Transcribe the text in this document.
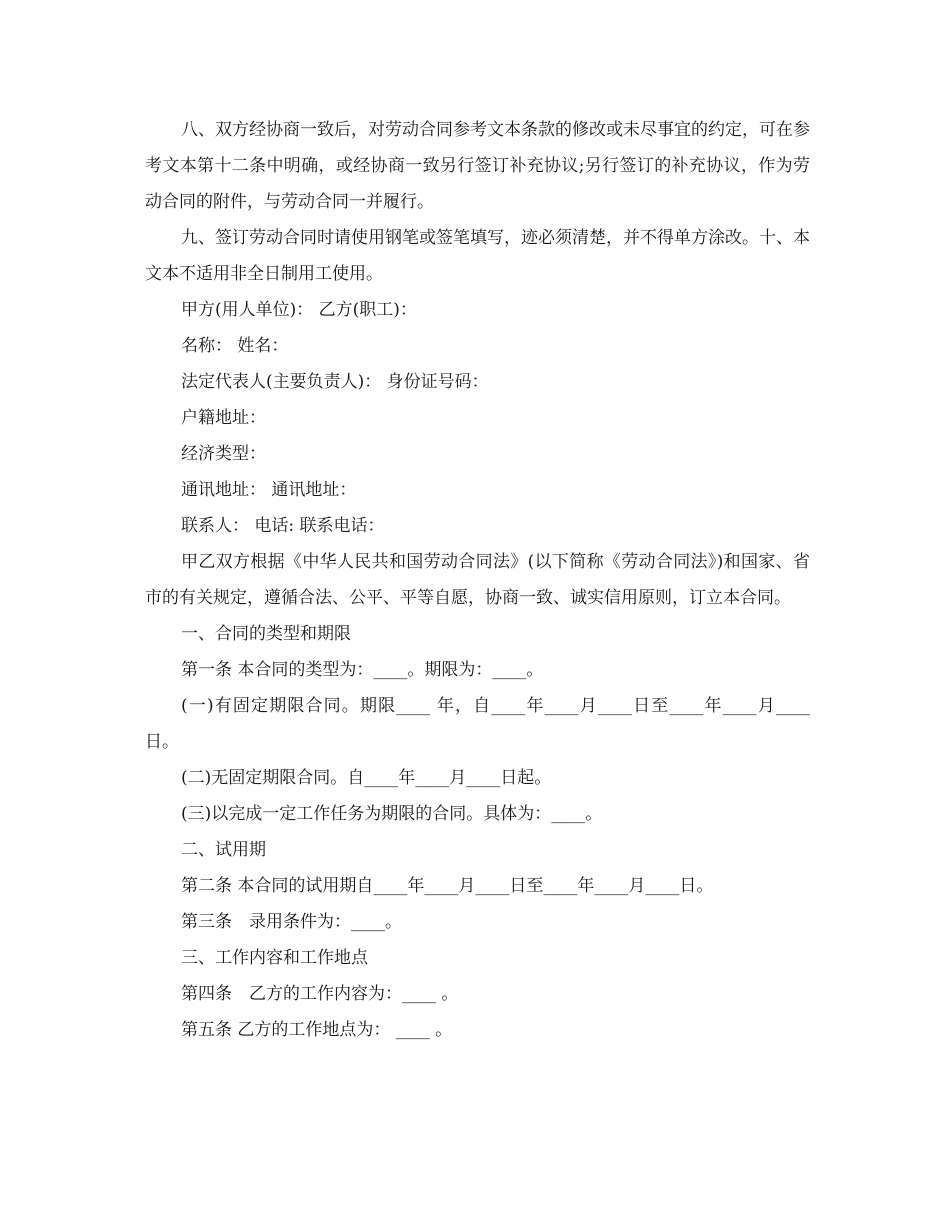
八、双方经协商一致后，对劳动合同参考文本条款的修改或未尽事宜的约定，可在参考文本第十二条中明确，或经协商一致另行签订补充协议;另行签订的补充协议，作为劳动合同的附件，与劳动合同一并履行。

九、签订劳动合同时请使用钢笔或签笔填写，迹必须清楚，并不得单方涂改。十、本文本不适用非全日制用工使用。

甲方(用人单位)： 乙方(职工)：

名称： 姓名：

法定代表人(主要负责人)： 身份证号码：

户籍地址：

经济类型：

通讯地址： 通讯地址：

联系人： 电话: 联系电话：

甲乙双方根据《中华人民共和国劳动合同法》(以下简称《劳动合同法》)和国家、省市的有关规定，遵循合法、公平、平等自愿，协商一致、诚实信用原则，订立本合同。

一、合同的类型和期限

第一条 本合同的类型为：____。期限为：____。

(一)有固定期限合同。期限____ 年，自____年____月____日至____年____月____日。

(二)无固定期限合同。自____年____月____日起。

(三)以完成一定工作任务为期限的合同。具体为：____。

二、试用期

第二条 本合同的试用期自____年____月____日至____年____月____日。

第三条　录用条件为：____。

三、工作内容和工作地点

第四条　乙方的工作内容为：____ 。

第五条 乙方的工作地点为： ____ 。
